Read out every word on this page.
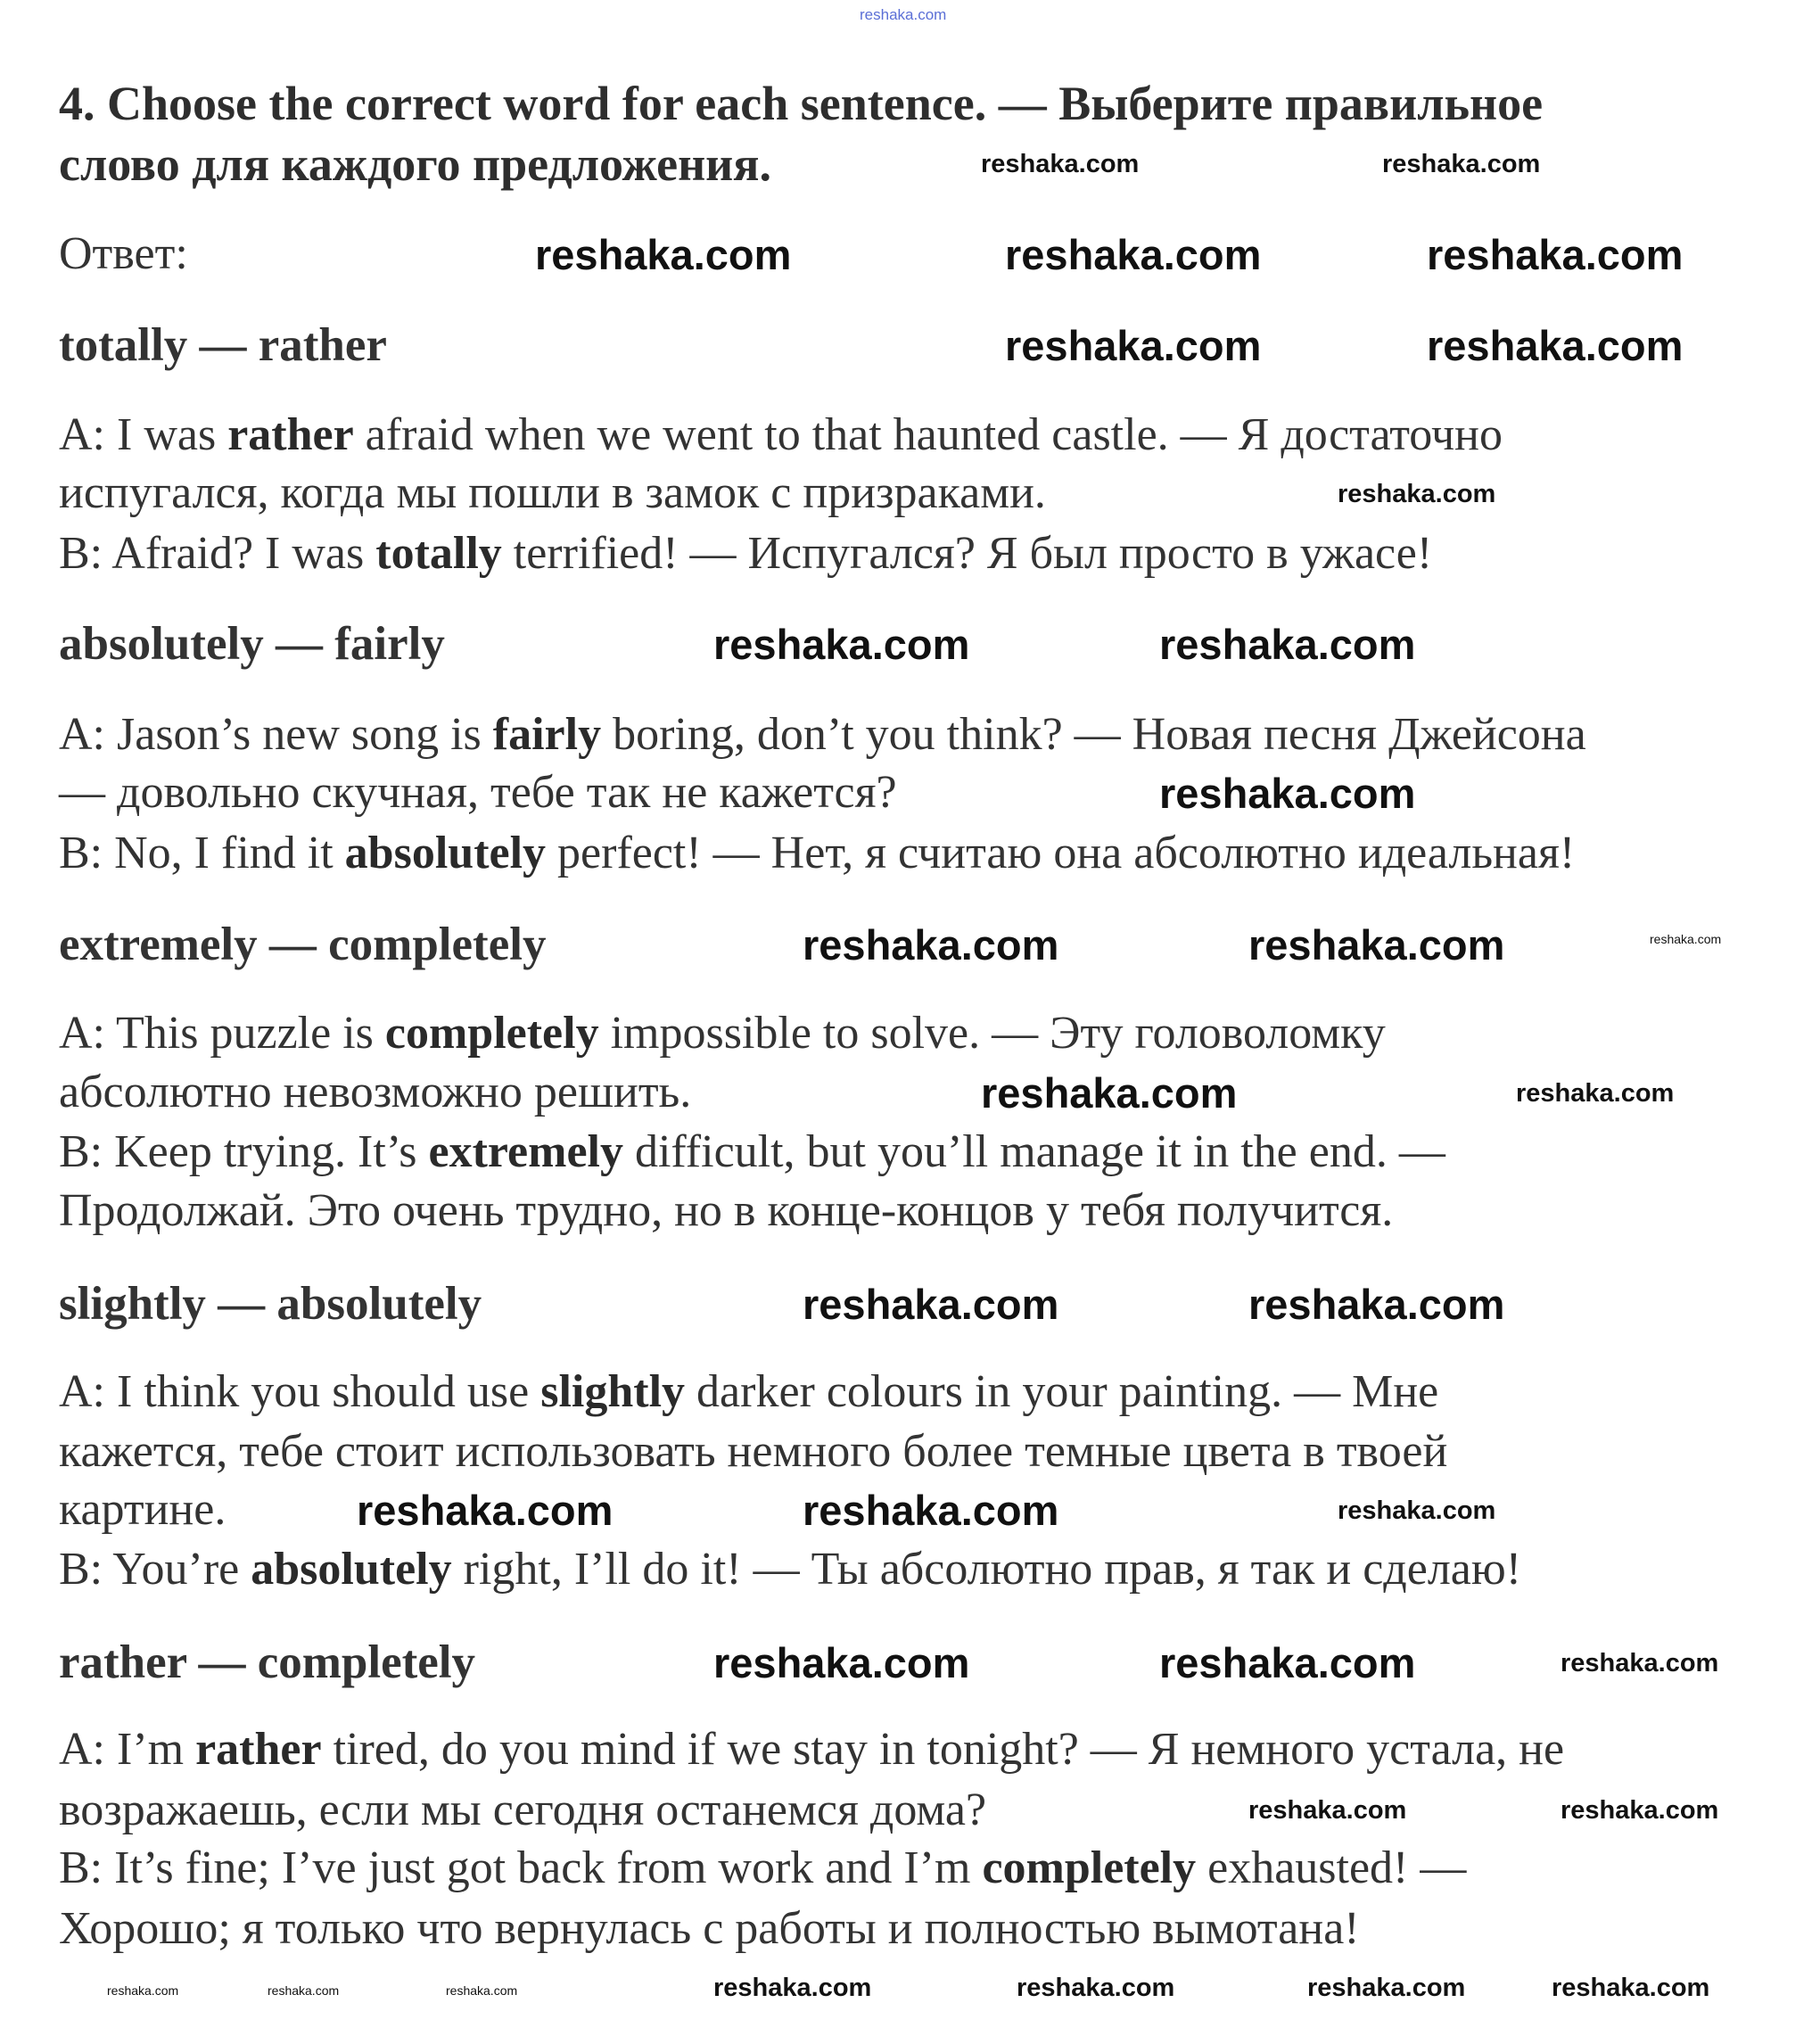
4. Choose the correct word for each sentence. — Выберите правильное
слово для каждого предложения.
Ответ:
totally — rather
A: I was rather afraid when we went to that haunted castle. — Я достаточно
испугался, когда мы пошли в замок с призраками.
B: Afraid? I was totally terrified! — Испугался? Я был просто в ужасе!
absolutely — fairly
A: Jason’s new song is fairly boring, don’t you think? — Новая песня Джейсона
— довольно скучная, тебе так не кажется?
B: No, I find it absolutely perfect! — Нет, я считаю она абсолютно идеальная!
extremely — completely
A: This puzzle is completely impossible to solve. — Эту головоломку
абсолютно невозможно решить.
B: Keep trying. It’s extremely difficult, but you’ll manage it in the end. —
Продолжай. Это очень трудно, но в конце-концов у тебя получится.
slightly — absolutely
A: I think you should use slightly darker colours in your painting. — Мне
кажется, тебе стоит использовать немного более темные цвета в твоей
картине.
B: You’re absolutely right, I’ll do it! — Ты абсолютно прав, я так и сделаю!
rather — completely
A: I’m rather tired, do you mind if we stay in tonight? — Я немного устала, не
возражаешь, если мы сегодня останемся дома?
B: It’s fine; I’ve just got back from work and I’m completely exhausted! —
Хорошо; я только что вернулась с работы и полностью вымотана!
reshaka.com
reshaka.com	reshaka.com
reshaka.com	reshaka.com	reshaka.com
reshaka.com	reshaka.com
reshaka.com
reshaka.com	reshaka.com
reshaka.com
reshaka.com	reshaka.com	reshaka.com
reshaka.com	reshaka.com
reshaka.com	reshaka.com
reshaka.com	reshaka.com	reshaka.com
reshaka.com	reshaka.com	reshaka.com
reshaka.com	reshaka.com
reshaka.com	reshaka.com	reshaka.com	reshaka.com	reshaka.com	reshaka.com	reshaka.com
